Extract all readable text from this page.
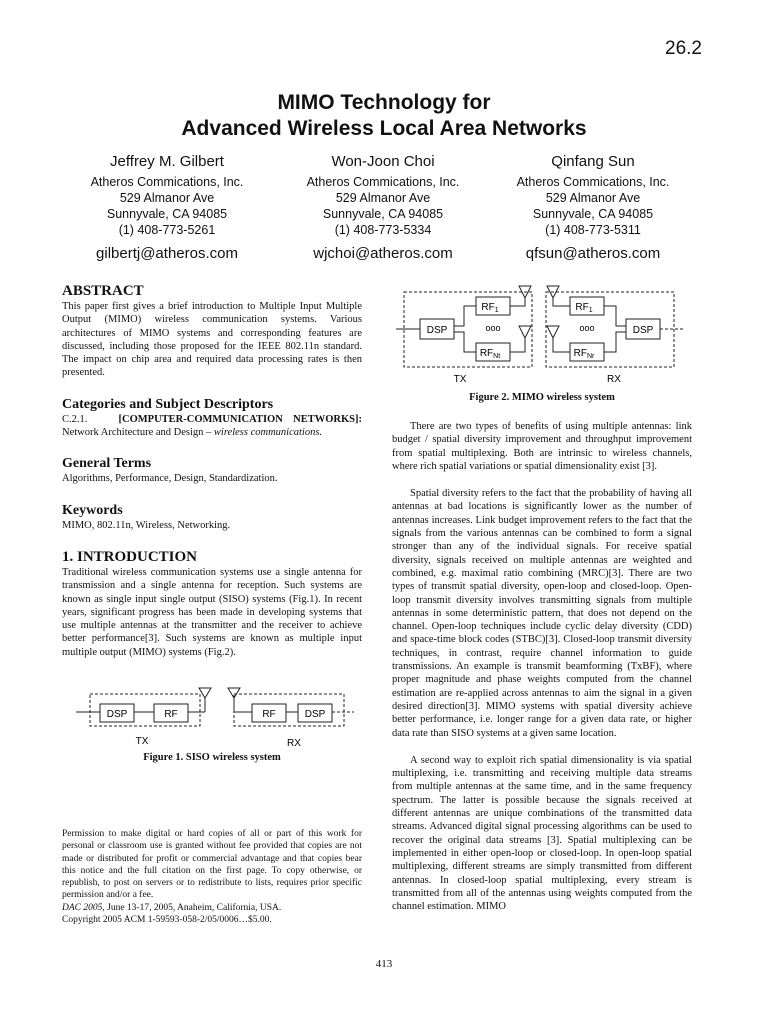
26.2
MIMO Technology for
Advanced Wireless Local Area Networks
Jeffrey M. Gilbert
Atheros Commications, Inc.
529 Almanor Ave
Sunnyvale, CA 94085
(1) 408-773-5261
gilbertj@atheros.com
Won-Joon Choi
Atheros Commications, Inc.
529 Almanor Ave
Sunnyvale, CA 94085
(1) 408-773-5334
wjchoi@atheros.com
Qinfang Sun
Atheros Commications, Inc.
529 Almanor Ave
Sunnyvale, CA 94085
(1) 408-773-5311
qfsun@atheros.com
ABSTRACT

This paper first gives a brief introduction to Multiple Input Multiple Output (MIMO) wireless communication systems. Various architectures of MIMO systems and corresponding features are discussed, including those proposed for the IEEE 802.11n standard. The impact on chip area and required data processing rates is then presented.

Categories and Subject Descriptors

C.2.1.	[COMPUTER-COMMUNICATION NETWORKS]:

Network Architecture and Design – wireless communications.

General Terms

Algorithms, Performance, Design, Standardization.

Keywords

MIMO, 802.11n, Wireless, Networking.

1. INTRODUCTION

Traditional wireless communication systems use a single antenna for transmission and a single antenna for reception. Such systems are known as single input single output (SISO) systems (Fig.1). In recent years, significant progress has been made in developing systems that use multiple antennas at the transmitter and the receiver to achieve better performance[3]. Such systems are known as multiple input multiple output (MIMO) systems (Fig.2).

DSP	RF	RF	DSP
TX	RX
Figure 1. SISO wireless system

Permission to make digital or hard copies of all or part of this work for personal or classroom use is granted without fee provided that copies are not made or distributed for profit or commercial advantage and that copies bear this notice and the full citation on the first page. To copy otherwise, or republish, to post on servers or to redistribute to lists, requires prior specific permission and/or a fee.

DAC 2005, June 13-17, 2005, Anaheim, California, USA.

Copyright 2005 ACM 1-59593-058-2/05/0006…$5.00.

DSP
$RF_1$
ooo
$RF_{Nt}$
$RF_1$
ooo
$RF_{Nr}$
DSP
TX	RX
Figure 2. MIMO wireless system

There are two types of benefits of using multiple antennas: link budget / spatial diversity improvement and throughput improvement from spatial multiplexing. Both are intrinsic to wireless channels, where rich spatial variations or spatial dimensionality exist [3].

Spatial diversity refers to the fact that the probability of having all antennas at bad locations is significantly lower as the number of antennas increases. Link budget improvement refers to the fact that the signals from the various antennas can be combined to form a signal stronger than any of the individual signals. For receive spatial diversity, signals received on multiple antennas are weighted and combined, e.g. maximal ratio combining (MRC)[3]. There are two types of transmit spatial diversity, open-loop and closed-loop. Open-loop transmit diversity involves transmitting signals from multiple antennas in some deterministic pattern, that does not depend on the channel. Open-loop techniques include cyclic delay diversity (CDD) and space-time block codes (STBC)[3]. Closed-loop transmit diversity techniques, in contrast, require channel information to guide transmissions. An example is transmit beamforming (TxBF), where proper magnitude and phase weights computed from the channel estimation are re-applied across antennas to aim the signal in a given desired direction[3]. MIMO systems with spatial diversity achieve better performance, i.e. longer range for a given data rate, or higher data rate than SISO systems at a given same location.

A second way to exploit rich spatial dimensionality is via spatial multiplexing, i.e. transmitting and receiving multiple data streams from multiple antennas at the same time, and in the same frequency spectrum. The latter is possible because the signals received at different antennas are unique combinations of the transmitted data streams. Advanced digital signal processing algorithms can be used to recover the original data streams [3]. Spatial multiplexing can be implemented in either open-loop or closed-loop. In open-loop spatial multiplexing, different streams are simply transmitted from different antennas. In closed-loop spatial multiplexing, every stream is transmitted from all of the antennas using weights computed from the channel estimation. MIMO

413
